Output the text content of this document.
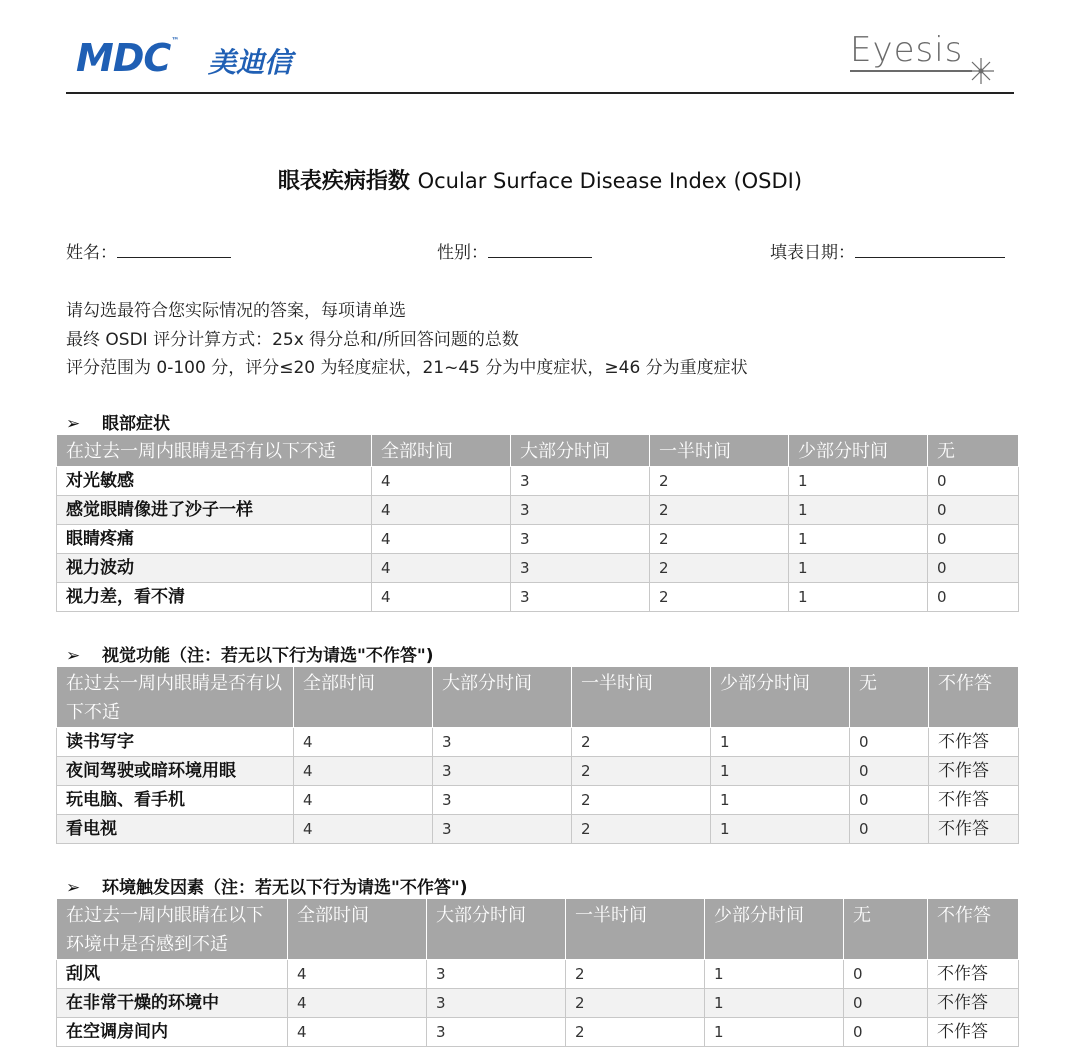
MDC™
美迪信	Eyesis
眼表疾病指数 Ocular Surface Disease Index (OSDI)
姓名：	性别：	填表日期：
请勾选最符合您实际情况的答案，每项请单选
最终 OSDI 评分计算方式：25x 得分总和/所回答问题的总数
评分范围为 0-100 分，评分≤20 为轻度症状，21~45 分为中度症状，≥46 分为重度症状
➢ 眼部症状
在过去一周内眼睛是否有以下不适	全部时间	大部分时间	一半时间	少部分时间	无
对光敏感	4	3	2	1	0
感觉眼睛像进了沙子一样	4	3	2	1	0
眼睛疼痛	4	3	2	1	0
视力波动	4	3	2	1	0
视力差，看不清	4	3	2	1	0
➢ 视觉功能（注：若无以下行为请选"不作答")
在过去一周内眼睛是否有以下不适	全部时间	大部分时间	一半时间	少部分时间	无	不作答
读书写字	4	3	2	1	0	不作答
夜间驾驶或暗环境用眼	4	3	2	1	0	不作答
玩电脑、看手机	4	3	2	1	0	不作答
看电视	4	3	2	1	0	不作答
➢ 环境触发因素（注：若无以下行为请选"不作答")
在过去一周内眼睛在以下环境中是否感到不适	全部时间	大部分时间	一半时间	少部分时间	无	不作答
刮风	4	3	2	1	0	不作答
在非常干燥的环境中	4	3	2	1	0	不作答
在空调房间内	4	3	2	1	0	不作答
